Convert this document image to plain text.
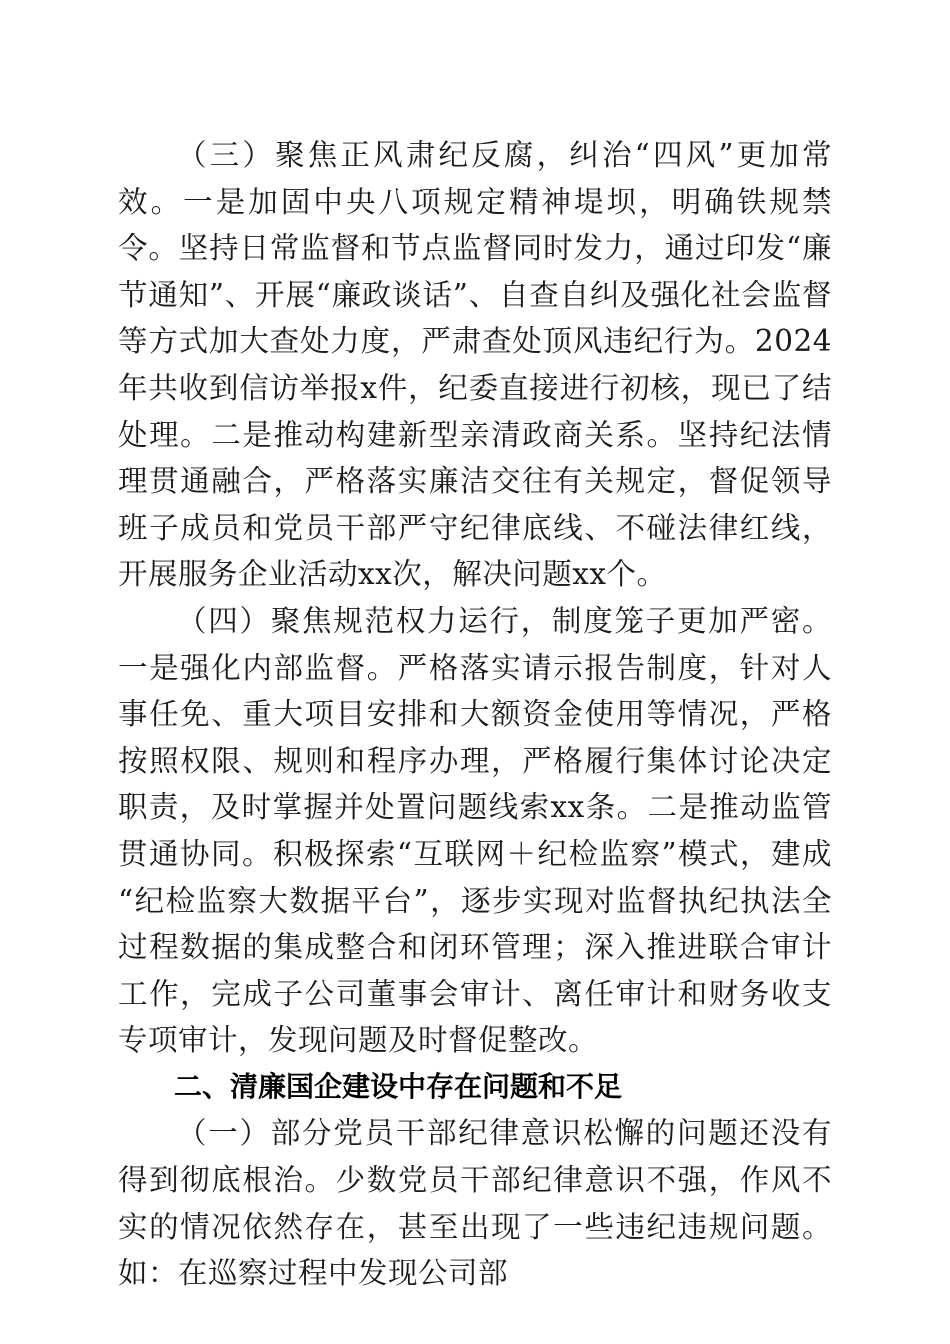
（三）聚焦正风肃纪反腐，纠治“四风”更加常效。一是加固中央八项规定精神堤坝，明确铁规禁令。坚持日常监督和节点监督同时发力，通过印发“廉节通知”、开展“廉政谈话”、自查自纠及强化社会监督等方式加大查处力度，严肃查处顶风违纪行为。2024年共收到信访举报x件，纪委直接进行初核，现已了结处理。二是推动构建新型亲清政商关系。坚持纪法情理贯通融合，严格落实廉洁交往有关规定，督促领导班子成员和党员干部严守纪律底线、不碰法律红线，开展服务企业活动xx次，解决问题xx个。

（四）聚焦规范权力运行，制度笼子更加严密。一是强化内部监督。严格落实请示报告制度，针对人事任免、重大项目安排和大额资金使用等情况，严格按照权限、规则和程序办理，严格履行集体讨论决定职责，及时掌握并处置问题线索xx条。二是推动监管贯通协同。积极探索“互联网＋纪检监察”模式，建成“纪检监察大数据平台”，逐步实现对监督执纪执法全过程数据的集成整合和闭环管理；深入推进联合审计工作，完成子公司董事会审计、离任审计和财务收支专项审计，发现问题及时督促整改。

二、清廉国企建设中存在问题和不足

（一）部分党员干部纪律意识松懈的问题还没有得到彻底根治。少数党员干部纪律意识不强，作风不实的情况依然存在，甚至出现了一些违纪违规问题。如：在巡察过程中发现公司部
